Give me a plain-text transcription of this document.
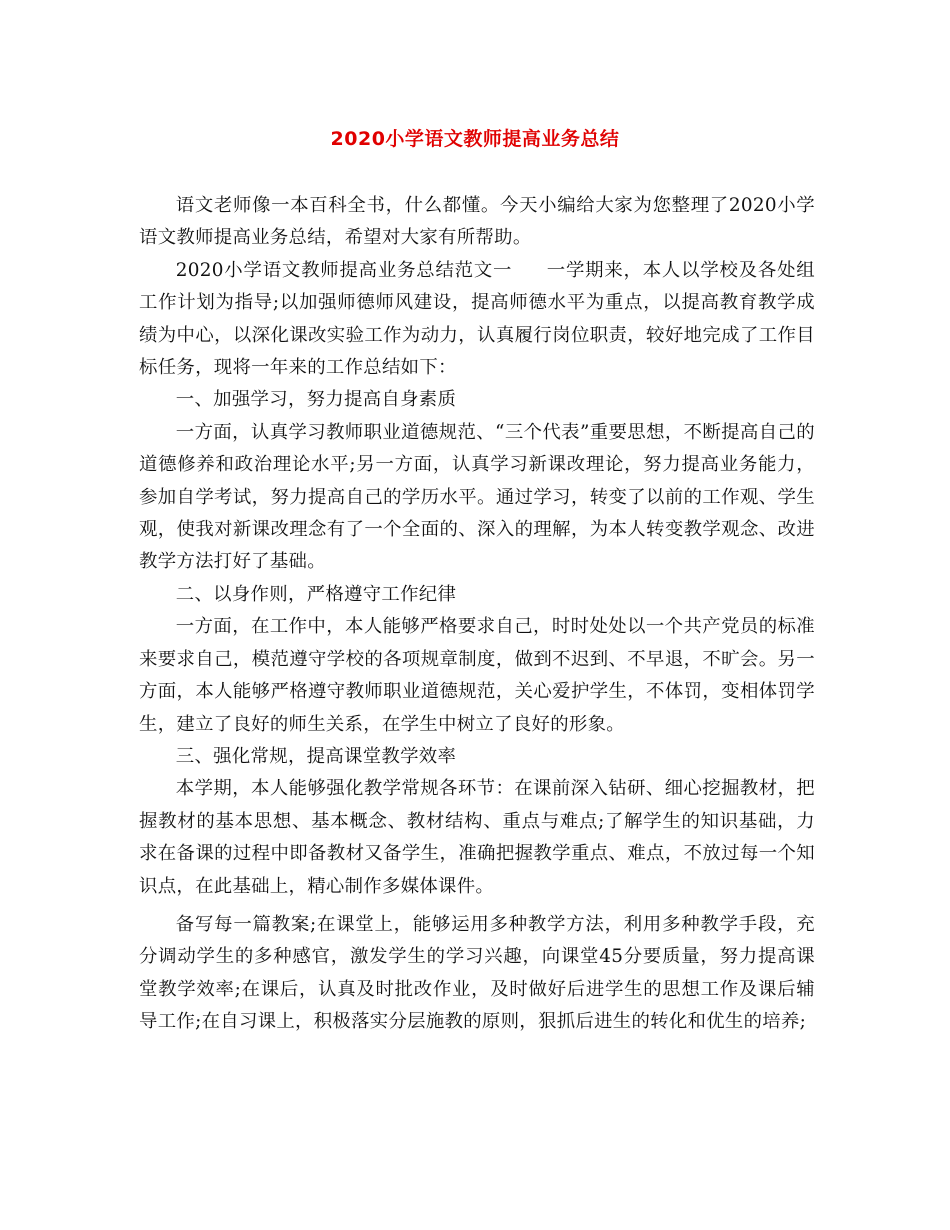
2020小学语文教师提高业务总结

语文老师像一本百科全书，什么都懂。今天小编给大家为您整理了2020小学语文教师提高业务总结，希望对大家有所帮助。

2020小学语文教师提高业务总结范文一 一学期来，本人以学校及各处组工作计划为指导;以加强师德师风建设，提高师德水平为重点，以提高教育教学成绩为中心，以深化课改实验工作为动力，认真履行岗位职责，较好地完成了工作目标任务，现将一年来的工作总结如下：

一、加强学习，努力提高自身素质

一方面，认真学习教师职业道德规范、“三个代表”重要思想，不断提高自己的道德修养和政治理论水平;另一方面，认真学习新课改理论，努力提高业务能力，参加自学考试，努力提高自己的学历水平。通过学习，转变了以前的工作观、学生观，使我对新课改理念有了一个全面的、深入的理解，为本人转变教学观念、改进教学方法打好了基础。

二、以身作则，严格遵守工作纪律

一方面，在工作中，本人能够严格要求自己，时时处处以一个共产党员的标准来要求自己，模范遵守学校的各项规章制度，做到不迟到、不早退，不旷会。另一方面，本人能够严格遵守教师职业道德规范，关心爱护学生，不体罚，变相体罚学生，建立了良好的师生关系，在学生中树立了良好的形象。

三、强化常规，提高课堂教学效率

本学期，本人能够强化教学常规各环节：在课前深入钻研、细心挖掘教材，把握教材的基本思想、基本概念、教材结构、重点与难点;了解学生的知识基础，力求在备课的过程中即备教材又备学生，准确把握教学重点、难点，不放过每一个知识点，在此基础上，精心制作多媒体课件。

备写每一篇教案;在课堂上，能够运用多种教学方法，利用多种教学手段，充分调动学生的多种感官，激发学生的学习兴趣，向课堂45分要质量，努力提高课堂教学效率;在课后，认真及时批改作业，及时做好后进学生的思想工作及课后辅导工作;在自习课上，积极落实分层施教的原则，狠抓后进生的转化和优生的培养;
